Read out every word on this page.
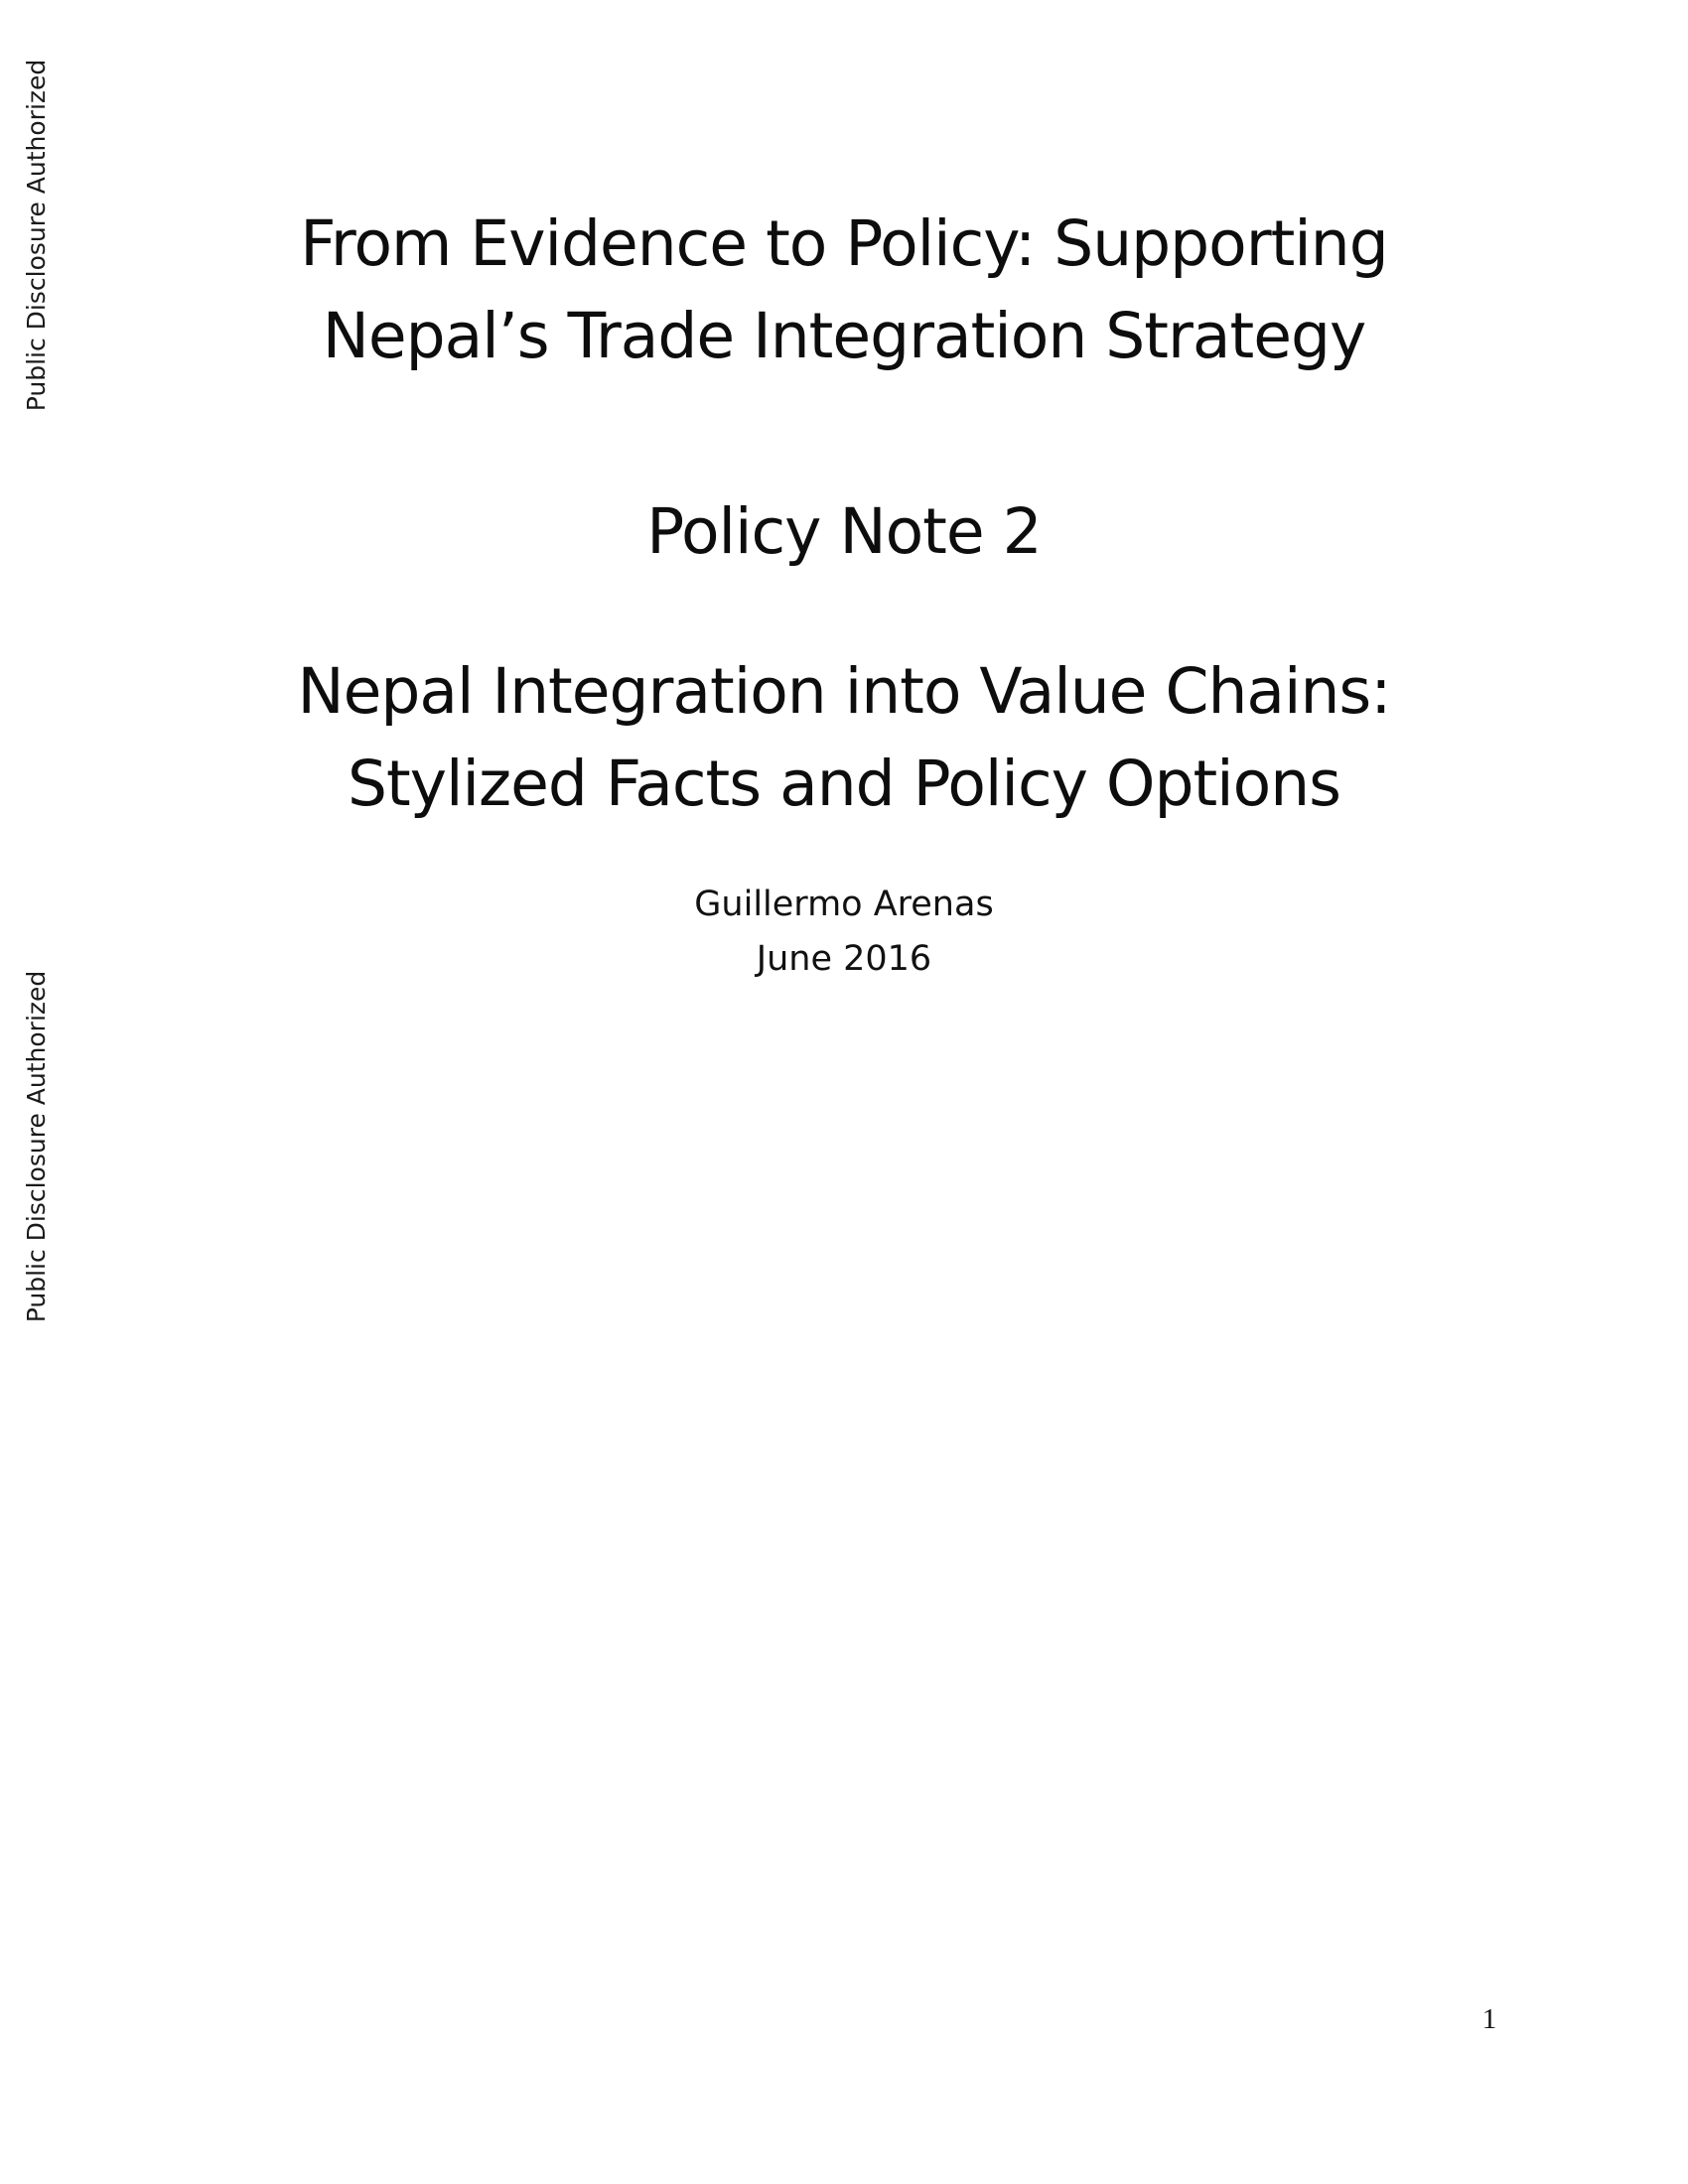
Public Disclosure Authorized
Public Disclosure Authorized
From Evidence to Policy: Supporting
Nepal’s Trade Integration Strategy
Policy Note 2
Nepal Integration into Value Chains:
Stylized Facts and Policy Options
Guillermo Arenas
June 2016
1
